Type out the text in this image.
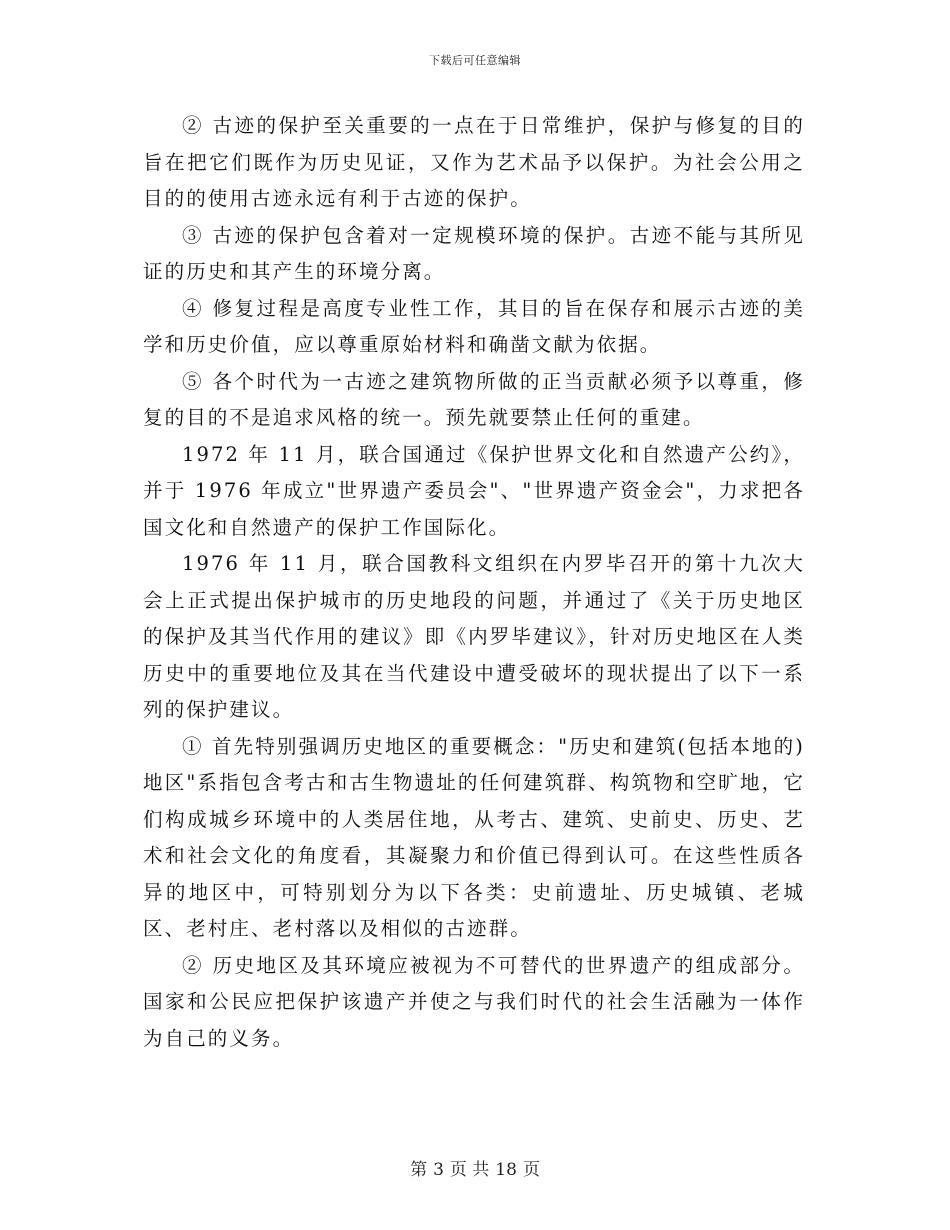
下载后可任意编辑

② 古迹的保护至关重要的一点在于日常维护，保护与修复的目的旨在把它们既作为历史见证，又作为艺术品予以保护。为社会公用之目的的使用古迹永远有利于古迹的保护。

③ 古迹的保护包含着对一定规模环境的保护。古迹不能与其所见证的历史和其产生的环境分离。

④ 修复过程是高度专业性工作，其目的旨在保存和展示古迹的美学和历史价值，应以尊重原始材料和确凿文献为依据。

⑤ 各个时代为一古迹之建筑物所做的正当贡献必须予以尊重，修复的目的不是追求风格的统一。预先就要禁止任何的重建。

1972 年 11 月，联合国通过《保护世界文化和自然遗产公约》，并于 1976 年成立"世界遗产委员会"、"世界遗产资金会"，力求把各国文化和自然遗产的保护工作国际化。

1976 年 11 月，联合国教科文组织在内罗毕召开的第十九次大会上正式提出保护城市的历史地段的问题，并通过了《关于历史地区的保护及其当代作用的建议》即《内罗毕建议》，针对历史地区在人类历史中的重要地位及其在当代建设中遭受破坏的现状提出了以下一系列的保护建议。

① 首先特别强调历史地区的重要概念："历史和建筑(包括本地的)地区"系指包含考古和古生物遗址的任何建筑群、构筑物和空旷地，它们构成城乡环境中的人类居住地，从考古、建筑、史前史、历史、艺术和社会文化的角度看，其凝聚力和价值已得到认可。在这些性质各异的地区中，可特别划分为以下各类：史前遗址、历史城镇、老城区、老村庄、老村落以及相似的古迹群。

② 历史地区及其环境应被视为不可替代的世界遗产的组成部分。国家和公民应把保护该遗产并使之与我们时代的社会生活融为一体作为自己的义务。

第 3 页 共 18 页
